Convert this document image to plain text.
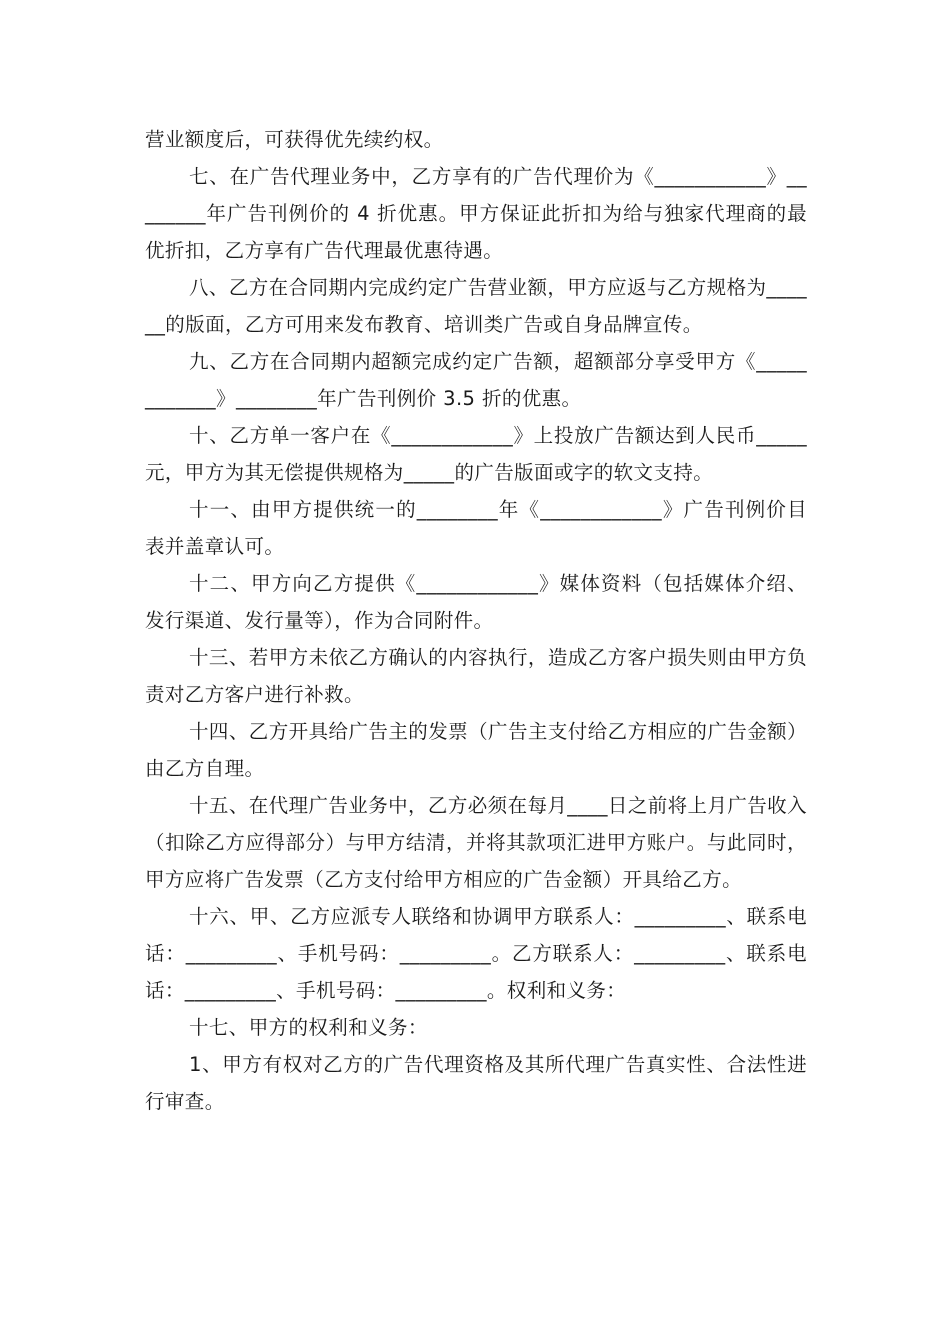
营业额度后，可获得优先续约权。

七、在广告代理业务中，乙方享有的广告代理价为《___________》________年广告刊例价的 4 折优惠。甲方保证此折扣为给与独家代理商的最优折扣，乙方享有广告代理最优惠待遇。

八、乙方在合同期内完成约定广告营业额，甲方应返与乙方规格为______的版面，乙方可用来发布教育、培训类广告或自身品牌宣传。

九、乙方在合同期内超额完成约定广告额，超额部分享受甲方《____________》________年广告刊例价 3.5 折的优惠。

十、乙方单一客户在《____________》上投放广告额达到人民币_____元，甲方为其无偿提供规格为_____的广告版面或字的软文支持。

十一、由甲方提供统一的________年《____________》广告刊例价目表并盖章认可。

十二、甲方向乙方提供《____________》媒体资料（包括媒体介绍、发行渠道、发行量等），作为合同附件。

十三、若甲方未依乙方确认的内容执行，造成乙方客户损失则由甲方负责对乙方客户进行补救。

十四、乙方开具给广告主的发票（广告主支付给乙方相应的广告金额）由乙方自理。

十五、在代理广告业务中，乙方必须在每月____日之前将上月广告收入（扣除乙方应得部分）与甲方结清，并将其款项汇进甲方账户。与此同时，甲方应将广告发票（乙方支付给甲方相应的广告金额）开具给乙方。

十六、甲、乙方应派专人联络和协调甲方联系人：_________、联系电话：_________、手机号码：_________。乙方联系人：_________、联系电话：_________、手机号码：_________。权利和义务：

十七、甲方的权利和义务：

1、甲方有权对乙方的广告代理资格及其所代理广告真实性、合法性进行审查。
